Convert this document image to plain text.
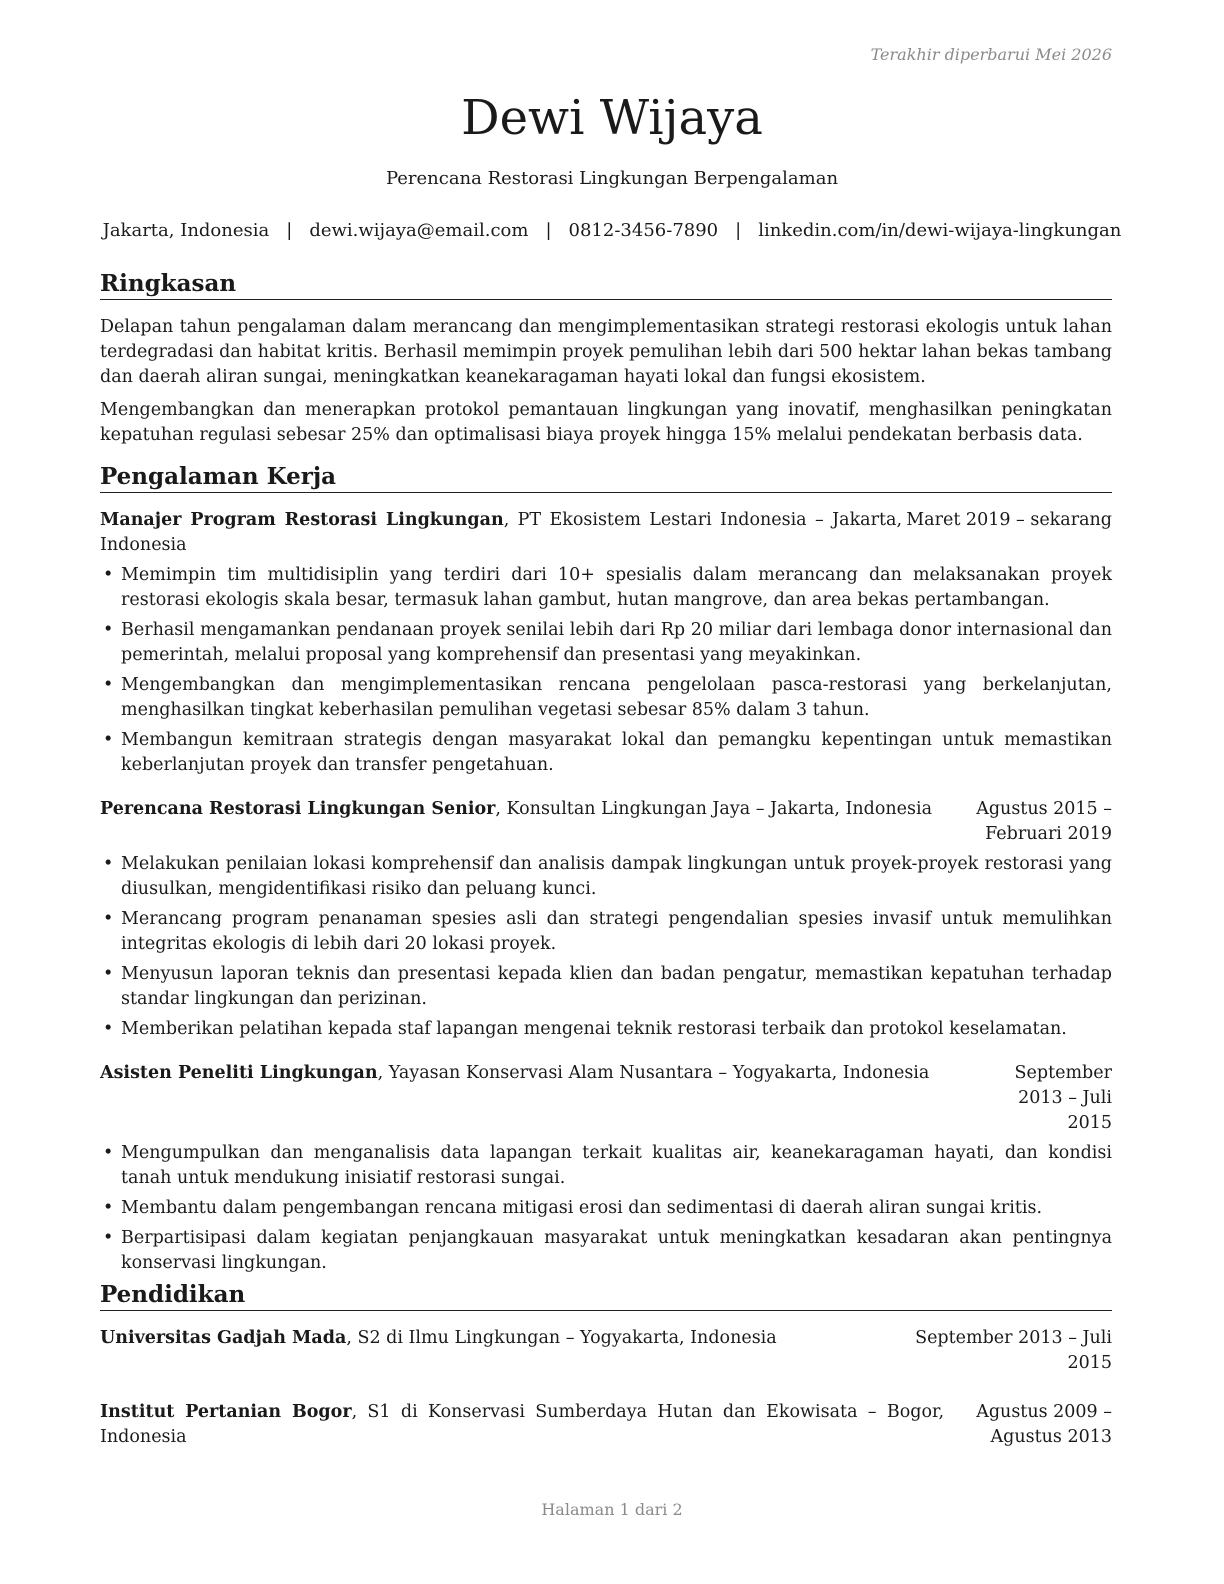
Terakhir diperbarui Mei 2026
Dewi Wijaya
Perencana Restorasi Lingkungan Berpengalaman
Jakarta, Indonesia | dewi.wijaya@email.com | 0812-3456-7890 | linkedin.com/in/dewi-wijaya-lingkungan
Ringkasan

Delapan tahun pengalaman dalam merancang dan mengimplementasikan strategi restorasi ekologis untuk lahan terdegradasi dan habitat kritis. Berhasil memimpin proyek pemulihan lebih dari 500 hektar lahan bekas tambang dan daerah aliran sungai, meningkatkan keanekaragaman hayati lokal dan fungsi ekosistem.

Mengembangkan dan menerapkan protokol pemantauan lingkungan yang inovatif, menghasilkan peningkatan kepatuhan regulasi sebesar 25% dan optimalisasi biaya proyek hingga 15% melalui pendekatan berbasis data.

Pengalaman Kerja
Manajer Program Restorasi Lingkungan, PT Ekosistem Lestari Indonesia – Jakarta, Indonesia
Maret 2019 – sekarang
• Memimpin tim multidisiplin yang terdiri dari 10+ spesialis dalam merancang dan melaksanakan proyek restorasi ekologis skala besar, termasuk lahan gambut, hutan mangrove, dan area bekas pertambangan.
• Berhasil mengamankan pendanaan proyek senilai lebih dari Rp 20 miliar dari lembaga donor internasional dan pemerintah, melalui proposal yang komprehensif dan presentasi yang meyakinkan.
• Mengembangkan dan mengimplementasikan rencana pengelolaan pasca-restorasi yang berkelanjutan, menghasilkan tingkat keberhasilan pemulihan vegetasi sebesar 85% dalam 3 tahun.
• Membangun kemitraan strategis dengan masyarakat lokal dan pemangku kepentingan untuk memastikan keberlanjutan proyek dan transfer pengetahuan.
Perencana Restorasi Lingkungan Senior, Konsultan Lingkungan Jaya – Jakarta, Indonesia	Agustus 2015 – Februari 2019
• Melakukan penilaian lokasi komprehensif dan analisis dampak lingkungan untuk proyek-proyek restorasi yang diusulkan, mengidentifikasi risiko dan peluang kunci.
• Merancang program penanaman spesies asli dan strategi pengendalian spesies invasif untuk memulihkan integritas ekologis di lebih dari 20 lokasi proyek.
• Menyusun laporan teknis dan presentasi kepada klien dan badan pengatur, memastikan kepatuhan terhadap standar lingkungan dan perizinan.
• Memberikan pelatihan kepada staf lapangan mengenai teknik restorasi terbaik dan protokol keselamatan.
Asisten Peneliti Lingkungan, Yayasan Konservasi Alam Nusantara – Yogyakarta, Indonesia	September 2013 – Juli 2015
• Mengumpulkan dan menganalisis data lapangan terkait kualitas air, keanekaragaman hayati, dan kondisi tanah untuk mendukung inisiatif restorasi sungai.
• Membantu dalam pengembangan rencana mitigasi erosi dan sedimentasi di daerah aliran sungai kritis.
• Berpartisipasi dalam kegiatan penjangkauan masyarakat untuk meningkatkan kesadaran akan pentingnya konservasi lingkungan.
Pendidikan
Universitas Gadjah Mada, S2 di Ilmu Lingkungan – Yogyakarta, Indonesia	September 2013 – Juli 2015
Institut Pertanian Bogor, S1 di Konservasi Sumberdaya Hutan dan Ekowisata – Bogor, Indonesia
Agustus 2009 – Agustus 2013
Halaman 1 dari 2
